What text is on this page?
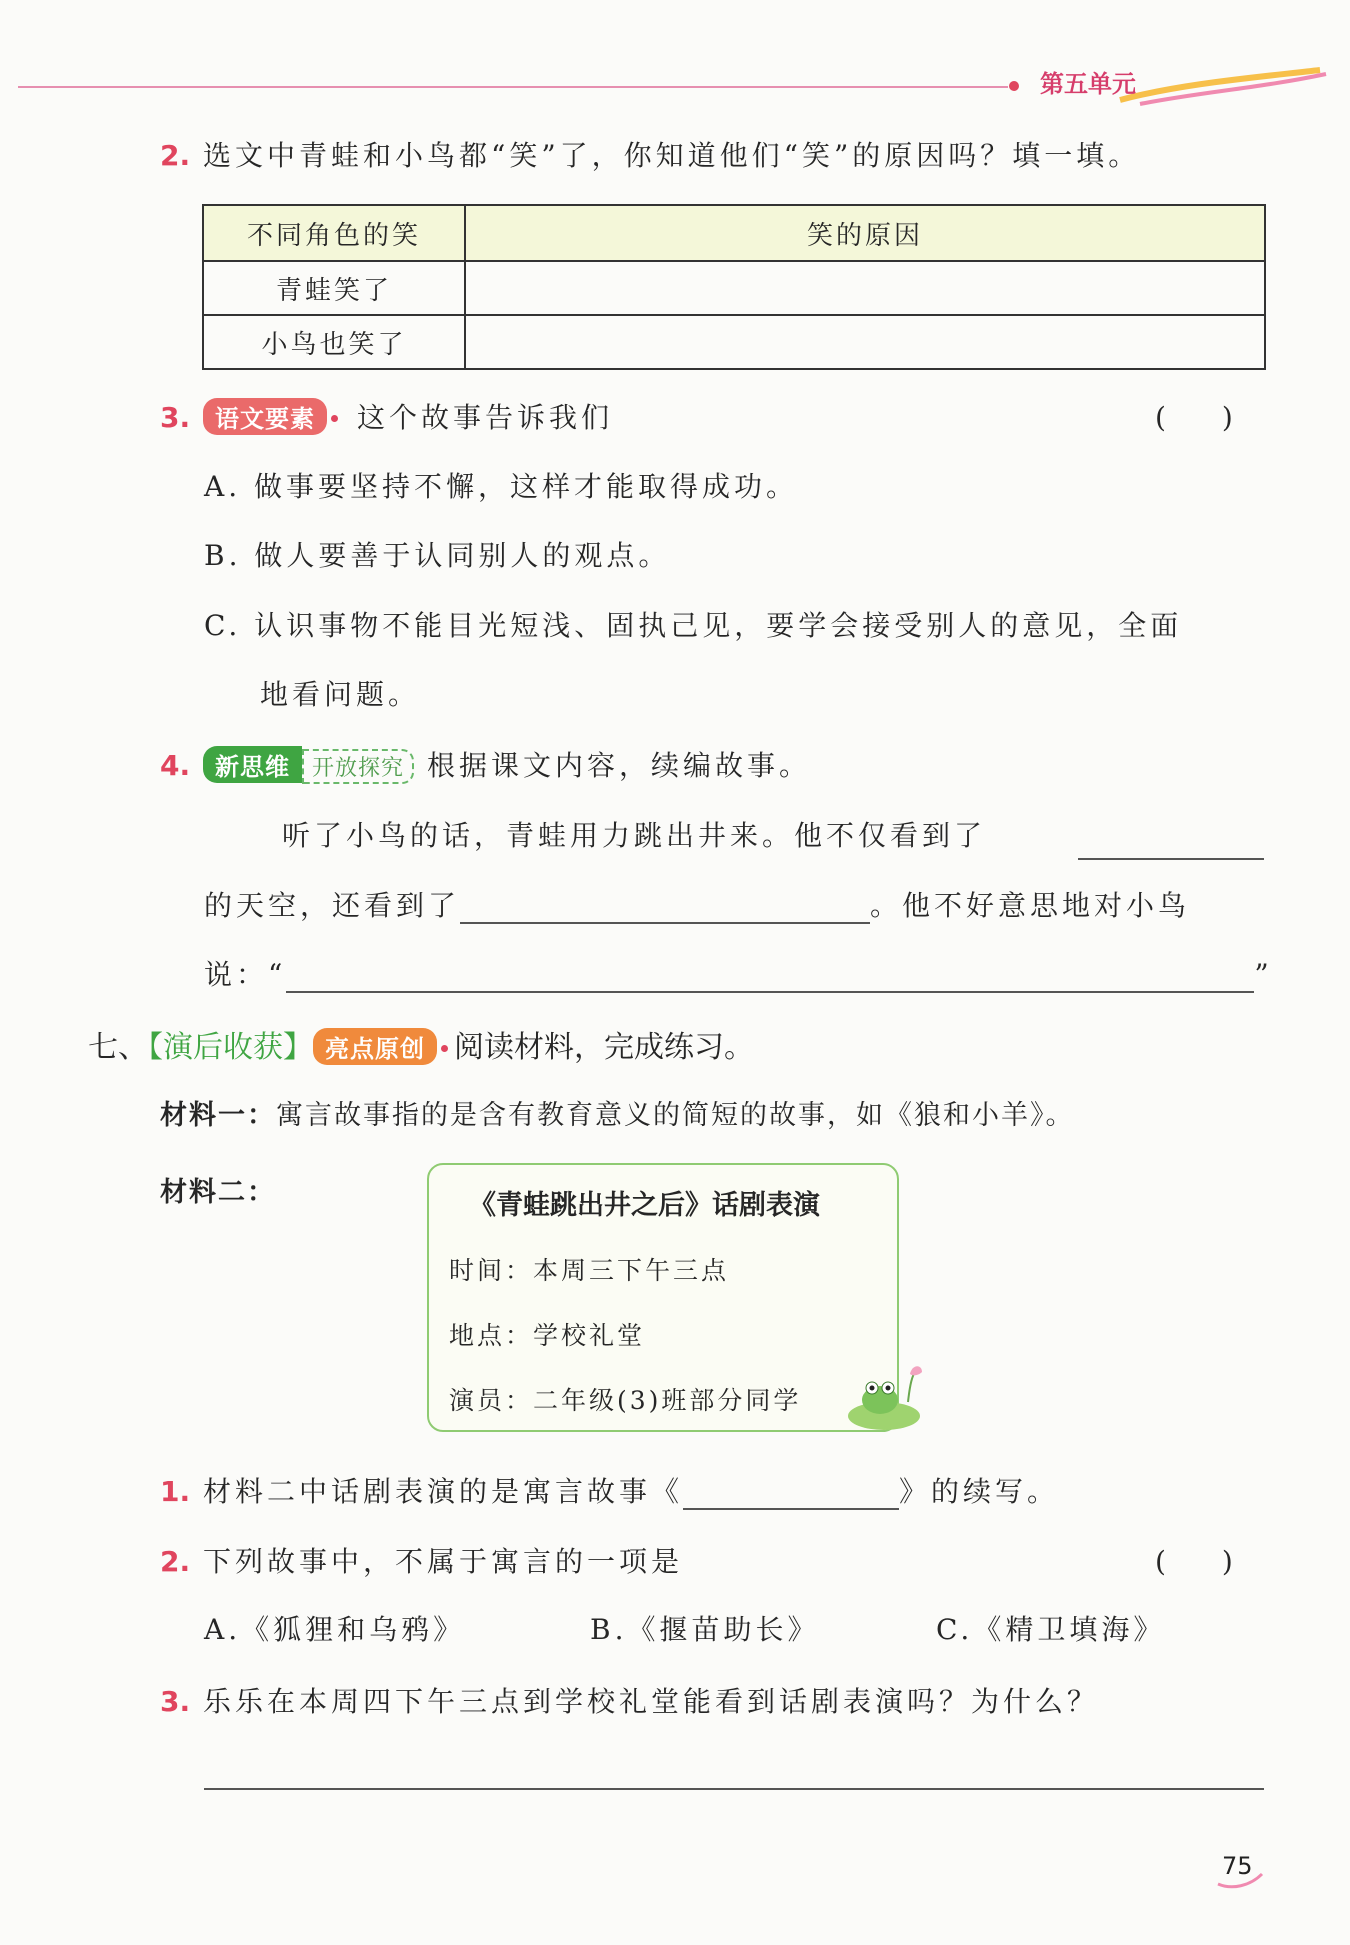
第五单元
2. 选文中青蛙和小鸟都“笑”了，你知道他们“笑”的原因吗？填一填。
不同角色的笑	笑的原因
青蛙笑了	
小鸟也笑了	
3. 语文要素 这个故事告诉我们	(　　)
A. 做事要坚持不懈，这样才能取得成功。
B. 做人要善于认同别人的观点。
C. 认识事物不能目光短浅、固执己见，要学会接受别人的意见，全面
地看问题。
4. 新思维 开放探究 根据课文内容，续编故事。
听了小鸟的话，青蛙用力跳出井来。他不仅看到了
的天空，还看到了	。他不好意思地对小鸟
说：“	”
七、【演后收获】 亮点原创 阅读材料，完成练习。
材料一：寓言故事指的是含有教育意义的简短的故事，如《狼和小羊》。
材料二：	《青蛙跳出井之后》话剧表演
时间：本周三下午三点
地点：学校礼堂
演员：二年级(3)班部分同学
1. 材料二中话剧表演的是寓言故事《	》的续写。
2. 下列故事中，不属于寓言的一项是	(　　)
A.《狐狸和乌鸦》	B.《揠苗助长》	C.《精卫填海》
3. 乐乐在本周四下午三点到学校礼堂能看到话剧表演吗？为什么？
75
